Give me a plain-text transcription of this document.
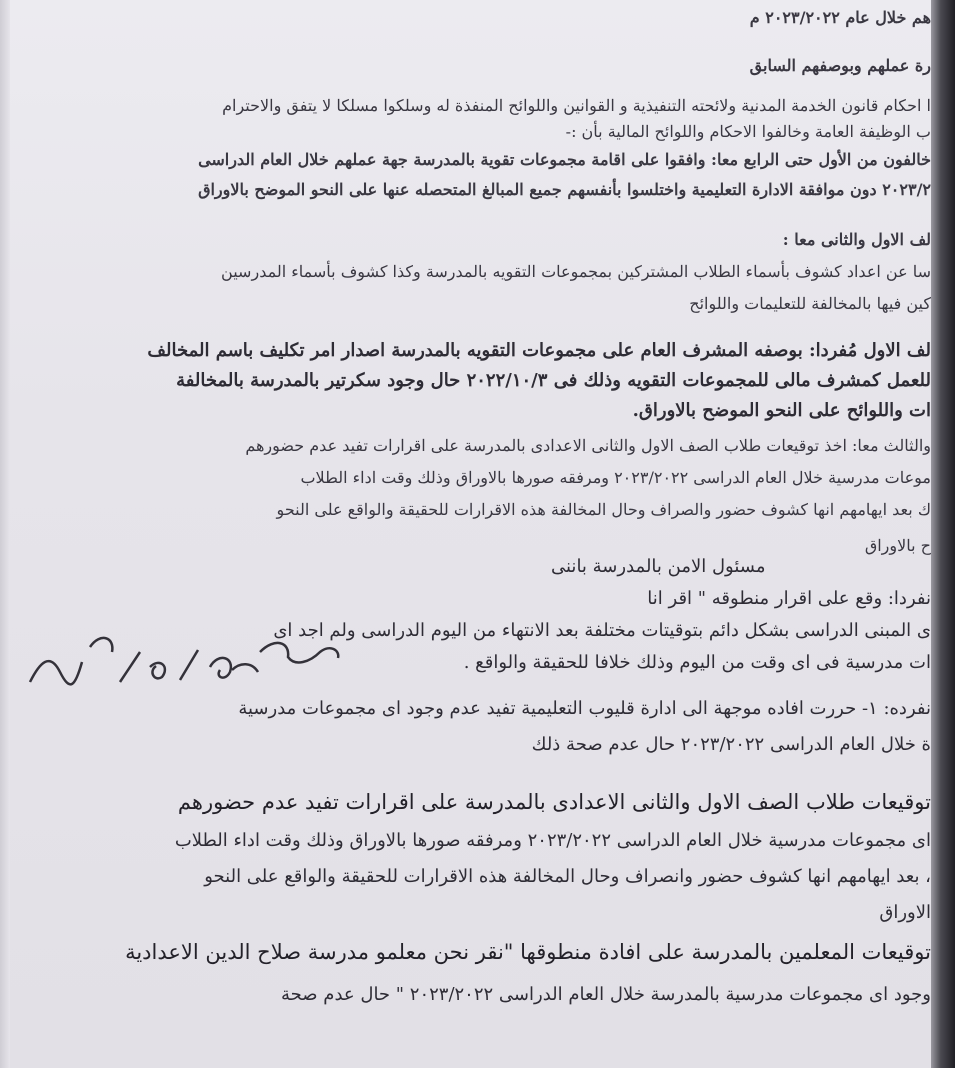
هم خلال عام ٢٠٢٣/٢٠٢٢ م
رة عملهم وبوصفهم السابق
ا احكام قانون الخدمة المدنية ولائحته التنفيذية و القوانين واللوائح المنفذة له وسلكوا مسلكا لا يتفق والاحترام
ب الوظيفة العامة وخالفوا الاحكام واللوائح المالية بأن :-
خالفون من الأول حتى الرابع معا: وافقوا على اقامة مجموعات تقوية بالمدرسة جهة عملهم خلال العام الدراسى
٢٠٢٣/٢ دون موافقة الادارة التعليمية واختلسوا بأنفسهم جميع المبالغ المتحصله عنها على النحو الموضح بالاوراق
لف الاول والثانى معا :
سا عن اعداد كشوف بأسماء الطلاب المشتركين بمجموعات التقويه بالمدرسة وكذا كشوف بأسماء المدرسين
كين فيها بالمخالفة للتعليمات واللوائح
لف الاول مُفردا: بوصفه المشرف العام على مجموعات التقويه بالمدرسة اصدار امر تكليف باسم المخالف
للعمل كمشرف مالى للمجموعات التقويه وذلك فى ٢٠٢٢/١٠/٣ حال وجود سكرتير بالمدرسة بالمخالفة
ات واللوائح على النحو الموضح بالاوراق.
والثالث معا: اخذ توقيعات طلاب الصف الاول والثانى الاعدادى بالمدرسة على اقرارات تفيد عدم حضورهم
موعات مدرسية خلال العام الدراسى ٢٠٢٣/٢٠٢٢ ومرفقه صورها بالاوراق وذلك وقت اداء الطلاب
ك بعد ايهامهم انها كشوف حضور والصراف وحال المخالفة هذه الاقرارات للحقيقة والواقع على النحو
ح بالاوراق
مسئول الامن بالمدرسة باننى
نفردا: وقع على اقرار منطوقه " اقر انا
ى المبنى الدراسى بشكل دائم بتوقيتات مختلفة بعد الانتهاء من اليوم الدراسى ولم اجد اى
ات مدرسية فى اى وقت من اليوم وذلك خلافا للحقيقة والواقع .
نفرده: ١- حررت افاده موجهة الى ادارة قليوب التعليمية تفيد عدم وجود اى مجموعات مدرسية
ة خلال العام الدراسى ٢٠٢٣/٢٠٢٢ حال عدم صحة ذلك
توقيعات طلاب الصف الاول والثانى الاعدادى بالمدرسة على اقرارات تفيد عدم حضورهم
اى مجموعات مدرسية خلال العام الدراسى ٢٠٢٣/٢٠٢٢ ومرفقه صورها بالاوراق وذلك وقت اداء الطلاب
، بعد ايهامهم انها كشوف حضور وانصراف وحال المخالفة هذه الاقرارات للحقيقة والواقع على النحو
الاوراق
توقيعات المعلمين بالمدرسة على افادة منطوقها "نقر نحن معلمو مدرسة صلاح الدين الاعدادية
وجود اى مجموعات مدرسية بالمدرسة خلال العام الدراسى ٢٠٢٣/٢٠٢٢ " حال عدم صحة
